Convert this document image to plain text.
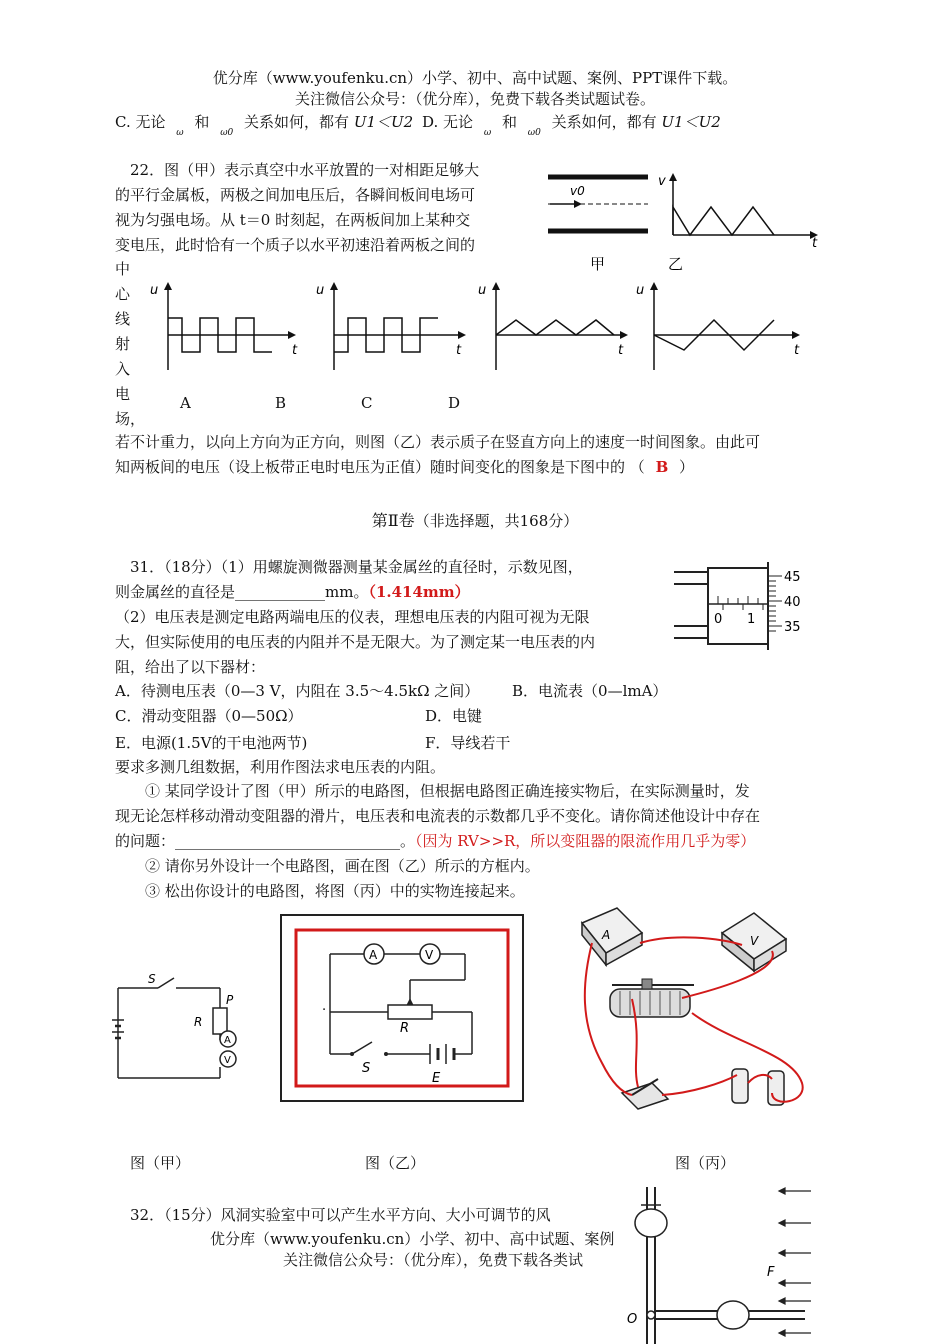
优分库（www.youfenku.cn）小学、初中、高中试题、案例、PPT课件下载。
关注微信公众号：（优分库），免费下载各类试题试卷。
C. 无论 $_\omega$ 和 $_{\omega 0}$ 关系如何，都有 U1＜U2 D. 无论 $_\omega$ 和 $_{\omega 0}$ 关系如何，都有 U1＜U2
22．图（甲）表示真空中水平放置的一对相距足够大
的平行金属板，两极之间加电压后，各瞬间板间电场可
视为匀强电场。从 t＝0 时刻起，在两板间加上某种交
变电压，此时恰有一个质子以水平初速沿着两板之间的
中
心
线
射
入
电
场，
v0
v
t
甲	乙
u
t
u
t
u
t
u
t
A	B	C	D
若不计重力，以向上方向为正方向，则图（乙）表示质子在竖直方向上的速度一时间图象。由此可
知两板间的电压（设上板带正电时电压为正值）随时间变化的图象是下图中的 （ B ）
第Ⅱ卷（非选择题，共168分）
31．（18分）（1）用螺旋测微器测量某金属丝的直径时，示数见图，
则金属丝的直径是____________mm。（1.414mm）
（2）电压表是测定电路两端电压的仪表，理想电压表的内阻可视为无限
大，但实际使用的电压表的内阻并不是无限大。为了测定某一电压表的内
阻，给出了以下器材：
A．待测电压表（0—3 V，内阻在 3.5～4.5kΩ 之间） B．电流表（0—lmA）
C．滑动变阻器（0—50Ω）	D．电键
E．电源(1.5V的干电池两节)	F．导线若干
要求多测几组数据，利用作图法求电压表的内阻。
① 某同学设计了图（甲）所示的电路图，但根据电路图正确连接实物后，在实际测量时，发
现无论怎样移动滑动变阻器的滑片，电压表和电流表的示数都几乎不变化。请你简述他设计中存在
的问题：______________________________。（因为 RV>>R，所以变阻器的限流作用几乎为零）
② 请你另外设计一个电路图，画在图（乙）所示的方框内。
③ 松出你设计的电路图，将图（丙）中的实物连接起来。
0 1
45
40
35
S
R
P
A
V
A	V
R
S
E
·
A	V
图（甲）	图（乙）	图（丙）
32．（15分）风洞实验室中可以产生水平方向、大小可调节的风
优分库（www.youfenku.cn）小学、初中、高中试题、案例
关注微信公众号：（优分库），免费下载各类试
O
F
